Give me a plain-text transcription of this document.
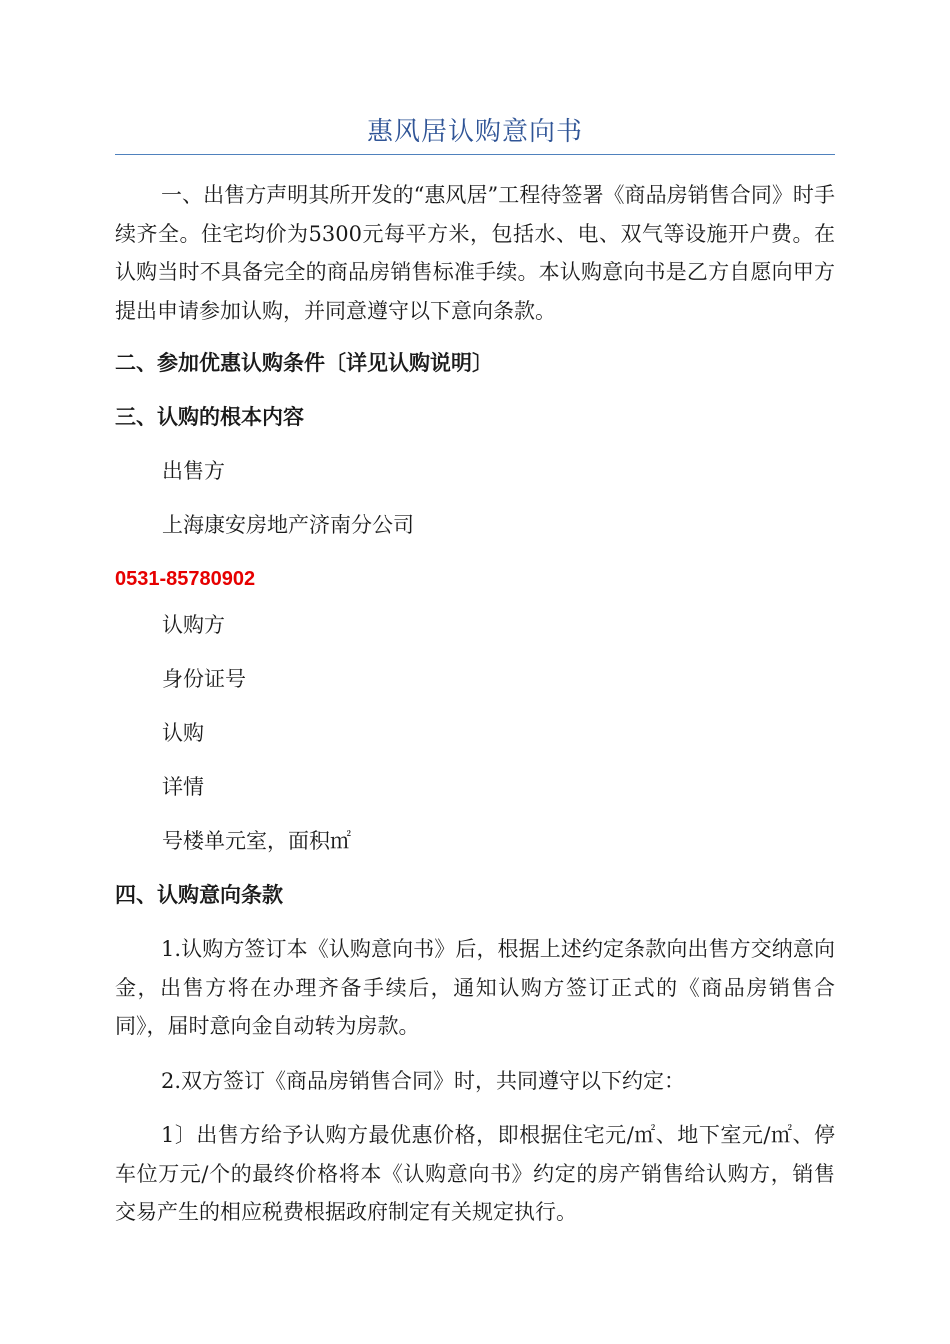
惠风居认购意向书

一、出售方声明其所开发的“惠风居”工程待签署《商品房销售合同》时手续齐全。住宅均价为5300元每平方米，包括水、电、双气等设施开户费。在认购当时不具备完全的商品房销售标准手续。本认购意向书是乙方自愿向甲方提出申请参加认购，并同意遵守以下意向条款。

二、参加优惠认购条件〔详见认购说明〕

三、认购的根本内容

出售方

上海康安房地产济南分公司

0531-85780902

认购方

身份证号

认购

详情

号楼单元室，面积㎡

四、认购意向条款

1.认购方签订本《认购意向书》后，根据上述约定条款向出售方交纳意向金，出售方将在办理齐备手续后，通知认购方签订正式的《商品房销售合同》，届时意向金自动转为房款。

2.双方签订《商品房销售合同》时，共同遵守以下约定：

1〕出售方给予认购方最优惠价格，即根据住宅元/㎡、地下室元/㎡、停车位万元/个的最终价格将本《认购意向书》约定的房产销售给认购方，销售交易产生的相应税费根据政府制定有关规定执行。
